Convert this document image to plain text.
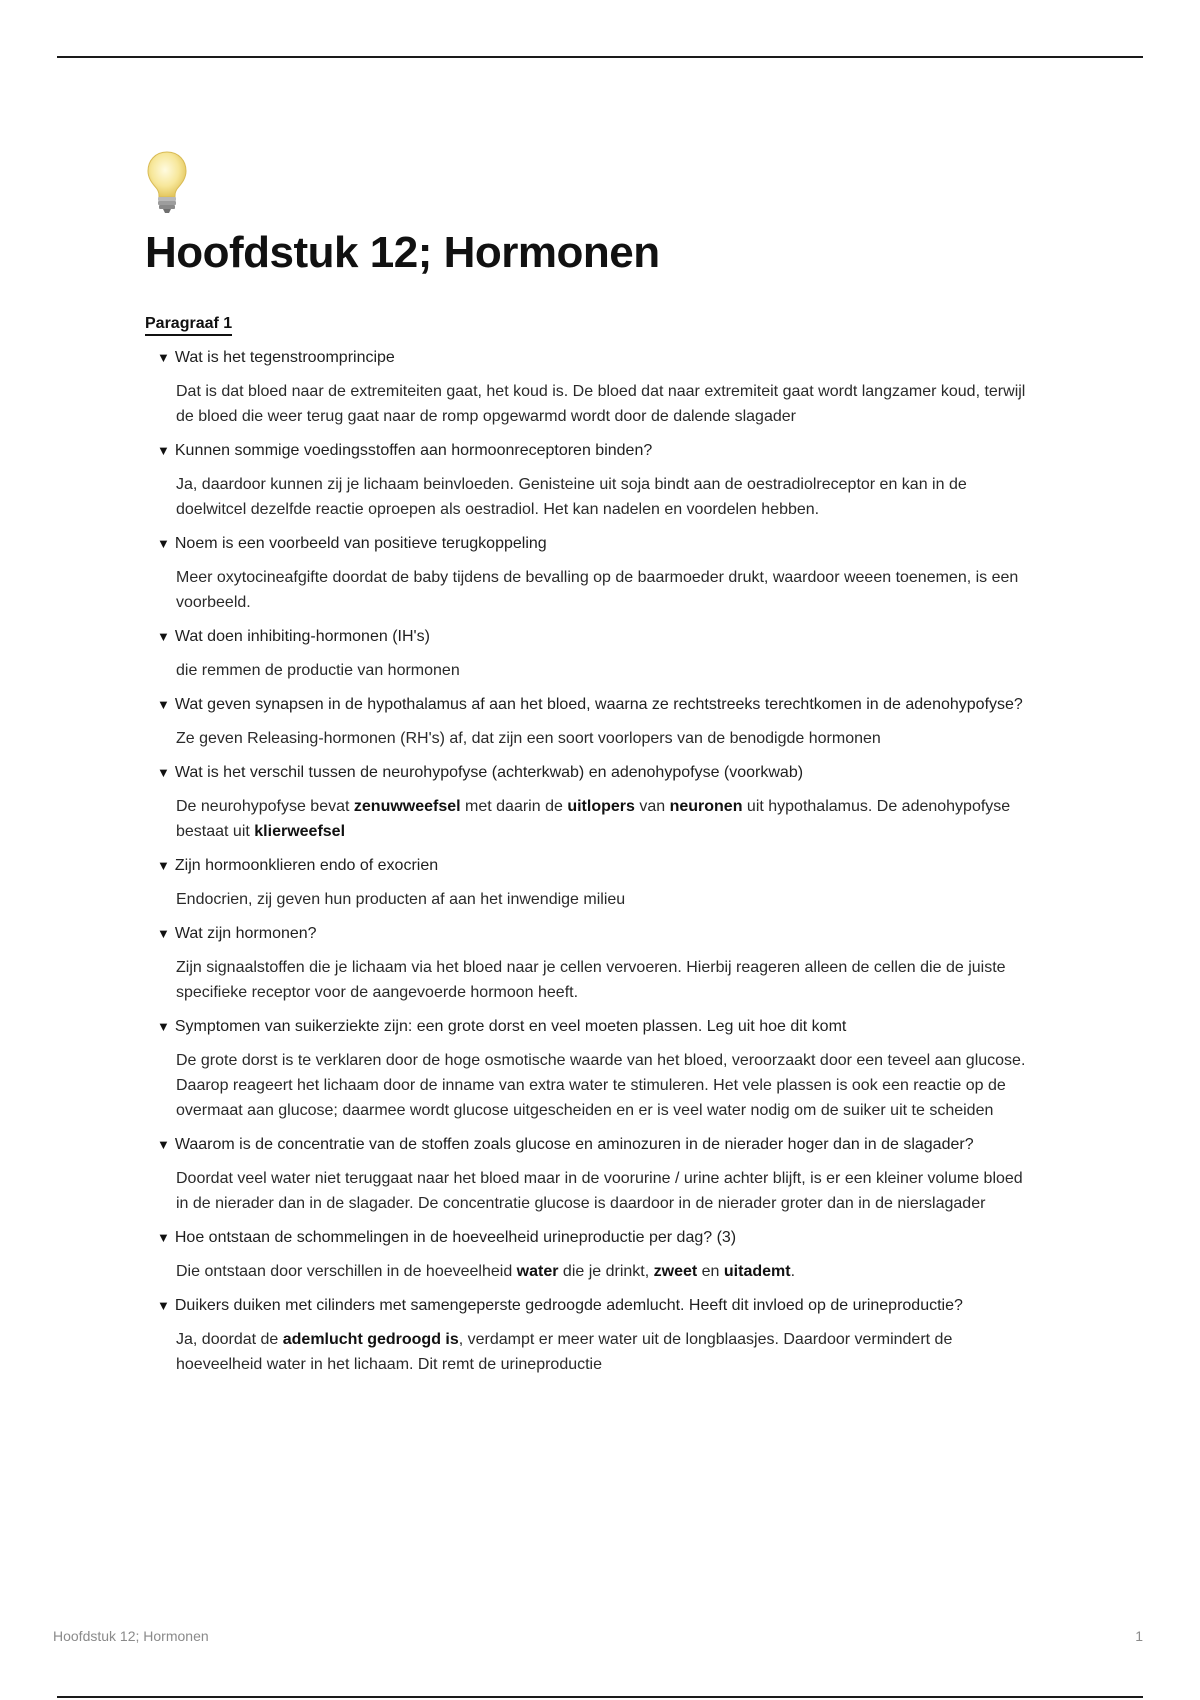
Hoofdstuk 12; Hormonen
Paragraaf 1
▼ Wat is het tegenstroomprincipe
Dat is dat bloed naar de extremiteiten gaat, het koud is. De bloed dat naar extremiteit gaat wordt langzamer koud, terwijl de bloed die weer terug gaat naar de romp opgewarmd wordt door de dalende slagader
▼ Kunnen sommige voedingsstoffen aan hormoonreceptoren binden?
Ja, daardoor kunnen zij je lichaam beinvloeden. Genisteine uit soja bindt aan de oestradiolreceptor en kan in de doelwitcel dezelfde reactie oproepen als oestradiol. Het kan nadelen en voordelen hebben.
▼ Noem is een voorbeeld van positieve terugkoppeling
Meer oxytocineafgifte doordat de baby tijdens de bevalling op de baarmoeder drukt, waardoor weeen toenemen, is een voorbeeld.
▼ Wat doen inhibiting-hormonen (IH's)
die remmen de productie van hormonen
▼ Wat geven synapsen in de hypothalamus af aan het bloed, waarna ze rechtstreeks terechtkomen in de adenohypofyse?
Ze geven Releasing-hormonen (RH's) af, dat zijn een soort voorlopers van de benodigde hormonen
▼ Wat is het verschil tussen de neurohypofyse (achterkwab) en adenohypofyse (voorkwab)
De neurohypofyse bevat zenuwweefsel met daarin de uitlopers van neuronen uit hypothalamus. De adenohypofyse bestaat uit klierweefsel
▼ Zijn hormoonklieren endo of exocrien
Endocrien, zij geven hun producten af aan het inwendige milieu
▼ Wat zijn hormonen?
Zijn signaalstoffen die je lichaam via het bloed naar je cellen vervoeren. Hierbij reageren alleen de cellen die de juiste specifieke receptor voor de aangevoerde hormoon heeft.
▼ Symptomen van suikerziekte zijn: een grote dorst en veel moeten plassen. Leg uit hoe dit komt
De grote dorst is te verklaren door de hoge osmotische waarde van het bloed, veroorzaakt door een teveel aan glucose. Daarop reageert het lichaam door de inname van extra water te stimuleren. Het vele plassen is ook een reactie op de overmaat aan glucose; daarmee wordt glucose uitgescheiden en er is veel water nodig om de suiker uit te scheiden
▼ Waarom is de concentratie van de stoffen zoals glucose en aminozuren in de nierader hoger dan in de slagader?
Doordat veel water niet teruggaat naar het bloed maar in de voorurine / urine achter blijft, is er een kleiner volume bloed in de nierader dan in de slagader. De concentratie glucose is daardoor in de nierader groter dan in de nierslagader
▼ Hoe ontstaan de schommelingen in de hoeveelheid urineproductie per dag? (3)
Die ontstaan door verschillen in de hoeveelheid water die je drinkt, zweet en uitademt.
▼ Duikers duiken met cilinders met samengeperste gedroogde ademlucht. Heeft dit invloed op de urineproductie?
Ja, doordat de ademlucht gedroogd is, verdampt er meer water uit de longblaasjes. Daardoor vermindert de hoeveelheid water in het lichaam. Dit remt de urineproductie
Hoofdstuk 12; Hormonen	1
